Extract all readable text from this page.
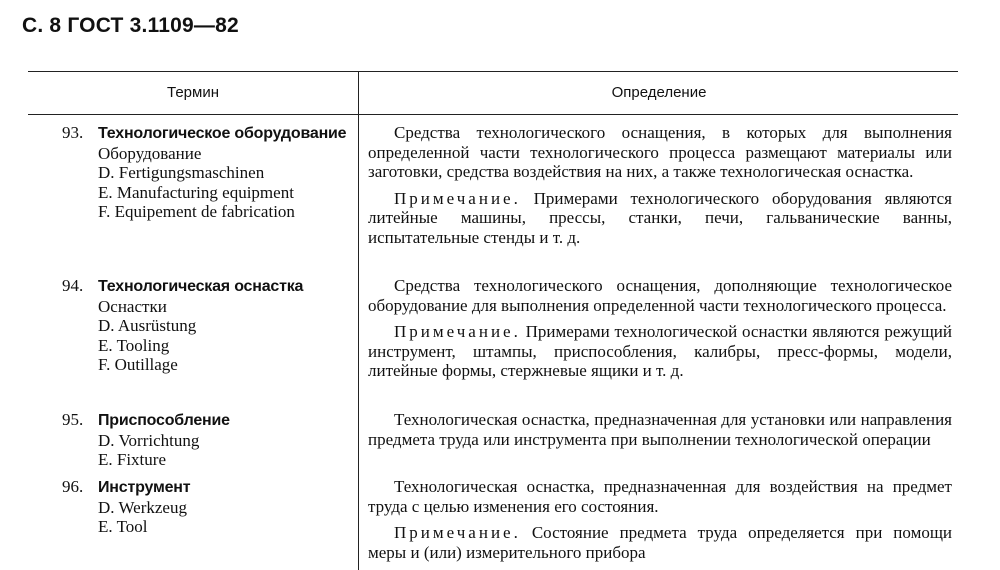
С. 8 ГОСТ 3.1109—82
Термин	Определение
93. Технологическое оборудование
Оборудование
D. Fertigungsmaschinen
E. Manufacturing equipment
F. Equipement de fabrication

Средства технологического оснащения, в которых для выполнения определенной части технологического процесса размещают материалы или заготовки, средства воздействия на них, а также технологическая оснастка.

Примечание. Примерами технологического оборудования являются литейные машины, прессы, станки, печи, гальванические ванны, испытательные стенды и т. д.

94. Технологическая оснастка
Оснастки
D. Ausrüstung
E. Tooling
F. Outillage

Средства технологического оснащения, дополняющие технологическое оборудование для выполнения определенной части технологического процесса.

Примечание. Примерами технологической оснастки являются режущий инструмент, штампы, приспособления, калибры, пресс-формы, модели, литейные формы, стержневые ящики и т. д.

95. Приспособление
D. Vorrichtung
E. Fixture

Технологическая оснастка, предназначенная для установки или направления предмета труда или инструмента при выполнении технологической операции

96. Инструмент
D. Werkzeug
E. Tool

Технологическая оснастка, предназначенная для воздействия на предмет труда с целью изменения его состояния.

Примечание. Состояние предмета труда определяется при помощи меры и (или) измерительного прибора
